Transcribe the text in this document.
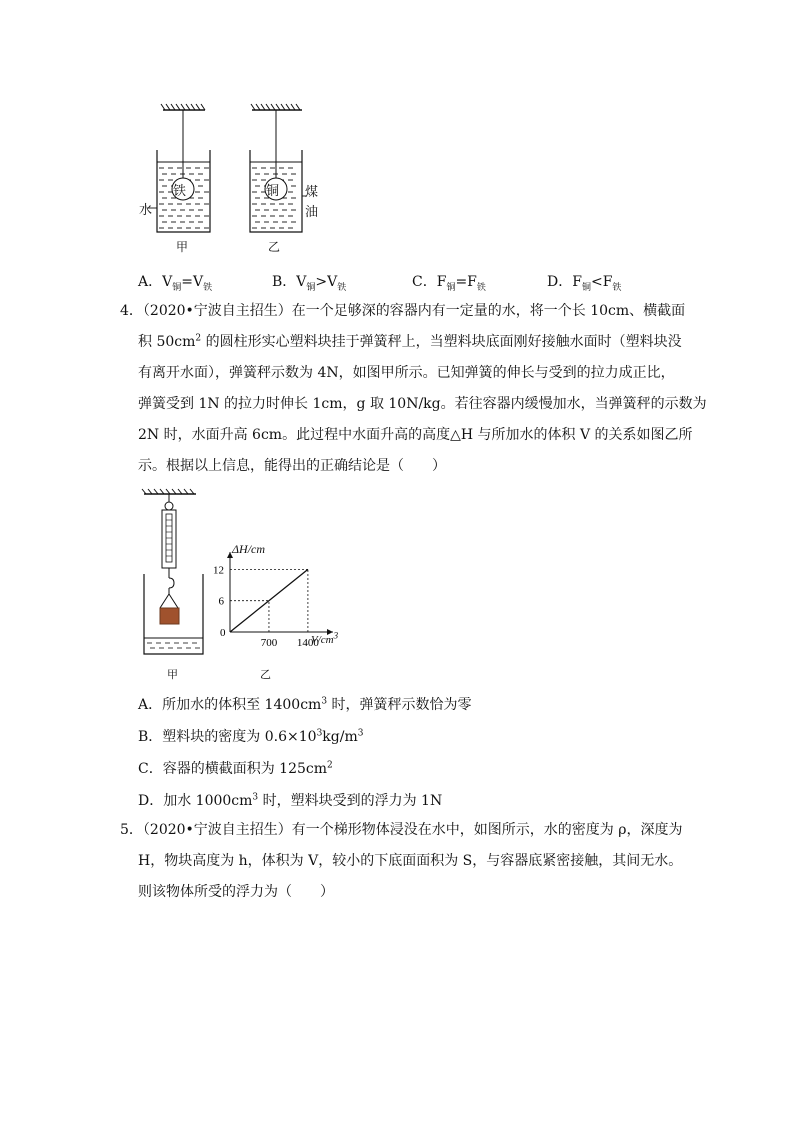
铁	铜
水
煤
油
甲	乙
A．$V_铜=V_铁$	B．$V_铜>V_铁$	C．$F_铜=F_铁$	D．$F_铜<F_铁$
4．（2020•宁波自主招生）在一个足够深的容器内有一定量的水，将一个长 10cm、横截面
积 $50cm^2$ 的圆柱形实心塑料块挂于弹簧秤上，当塑料块底面刚好接触水面时（塑料块没
有离开水面），弹簧秤示数为 4N，如图甲所示。已知弹簧的伸长与受到的拉力成正比，
弹簧受到 1N 的拉力时伸长 1cm，g 取 10N/kg。若往容器内缓慢加水，当弹簧秤的示数为
2N 时，水面升高 6cm。此过程中水面升高的高度△H 与所加水的体积 V 的关系如图乙所
示。根据以上信息，能得出的正确结论是（　　）
甲	乙
0
700 1400
6
12
ΔH/cm
$V/cm^3$
A．所加水的体积至 $1400cm^3$ 时，弹簧秤示数恰为零
B．塑料块的密度为 $0.6\times 10^3kg/m^3$
C．容器的横截面积为 $125cm^2$
D．加水 $1000cm^3$ 时，塑料块受到的浮力为 1N
5．（2020•宁波自主招生）有一个梯形物体浸没在水中，如图所示，水的密度为 ρ，深度为
H，物块高度为 h，体积为 V，较小的下底面面积为 S，与容器底紧密接触，其间无水。
则该物体所受的浮力为（　　）
